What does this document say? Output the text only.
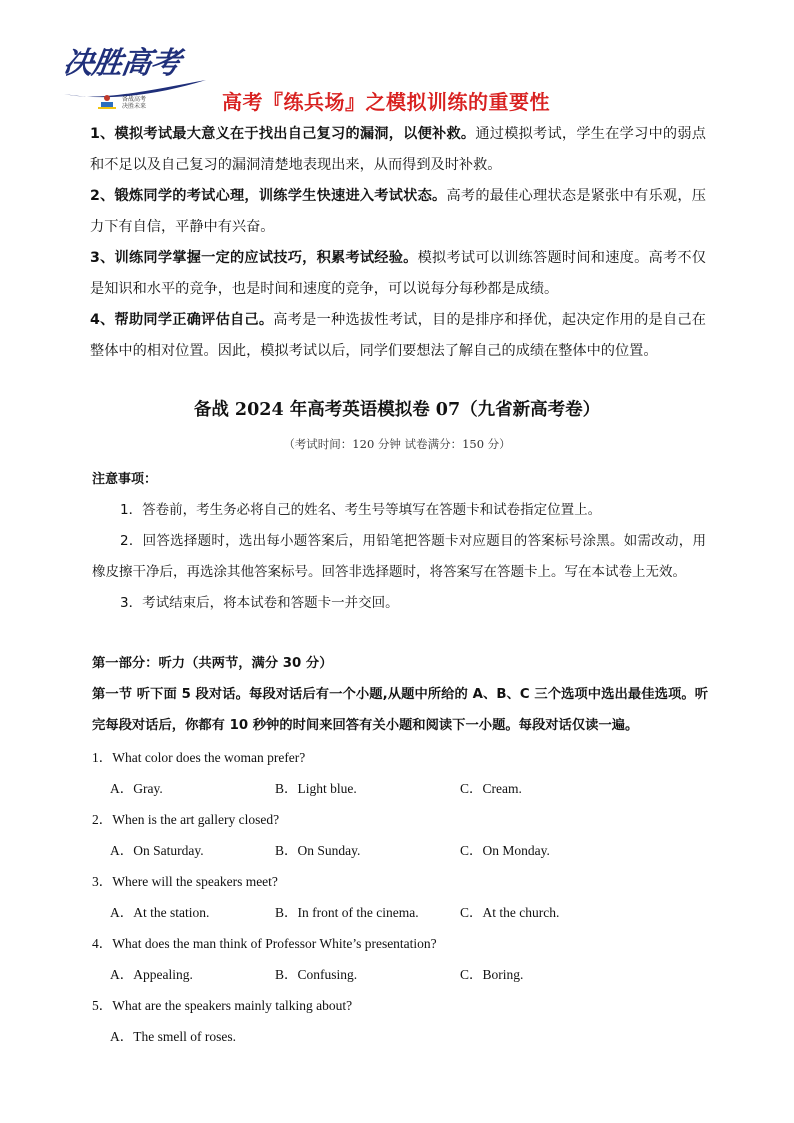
决胜高考
备战高考
决胜未来	高考『练兵场』之模拟训练的重要性

1、模拟考试最大意义在于找出自己复习的漏洞，以便补救。通过模拟考试，学生在学习中的弱点和不足以及自己复习的漏洞清楚地表现出来，从而得到及时补救。

2、锻炼同学的考试心理，训练学生快速进入考试状态。高考的最佳心理状态是紧张中有乐观，压力下有自信，平静中有兴奋。

3、训练同学掌握一定的应试技巧，积累考试经验。模拟考试可以训练答题时间和速度。高考不仅是知识和水平的竞争，也是时间和速度的竞争，可以说每分每秒都是成绩。

4、帮助同学正确评估自己。高考是一种选拔性考试，目的是排序和择优，起决定作用的是自己在整体中的相对位置。因此，模拟考试以后，同学们要想法了解自己的成绩在整体中的位置。

备战 2024 年高考英语模拟卷 07（九省新高考卷）
（考试时间：120 分钟 试卷满分：150 分）
注意事项：
1．答卷前，考生务必将自己的姓名、考生号等填写在答题卡和试卷指定位置上。
2．回答选择题时，选出每小题答案后，用铅笔把答题卡对应题目的答案标号涂黑。如需改动，用橡皮擦干净后，再选涂其他答案标号。回答非选择题时，将答案写在答题卡上。写在本试卷上无效。
3．考试结束后，将本试卷和答题卡一并交回。
第一部分：听力（共两节，满分 30 分）
第一节 听下面 5 段对话。每段对话后有一个小题,从题中所给的 A、B、C 三个选项中选出最佳选项。听完每段对话后，你都有 10 秒钟的时间来回答有关小题和阅读下一小题。每段对话仅读一遍。
1．What color does the woman prefer?
A．Gray.	B．Light blue.	C．Cream.
2．When is the art gallery closed?
A．On Saturday.	B．On Sunday.	C．On Monday.
3．Where will the speakers meet?
A．At the station.	B．In front of the cinema.	C．At the church.
4．What does the man think of Professor White’s presentation?
A．Appealing.	B．Confusing.	C．Boring.
5．What are the speakers mainly talking about?
A．The smell of roses.
